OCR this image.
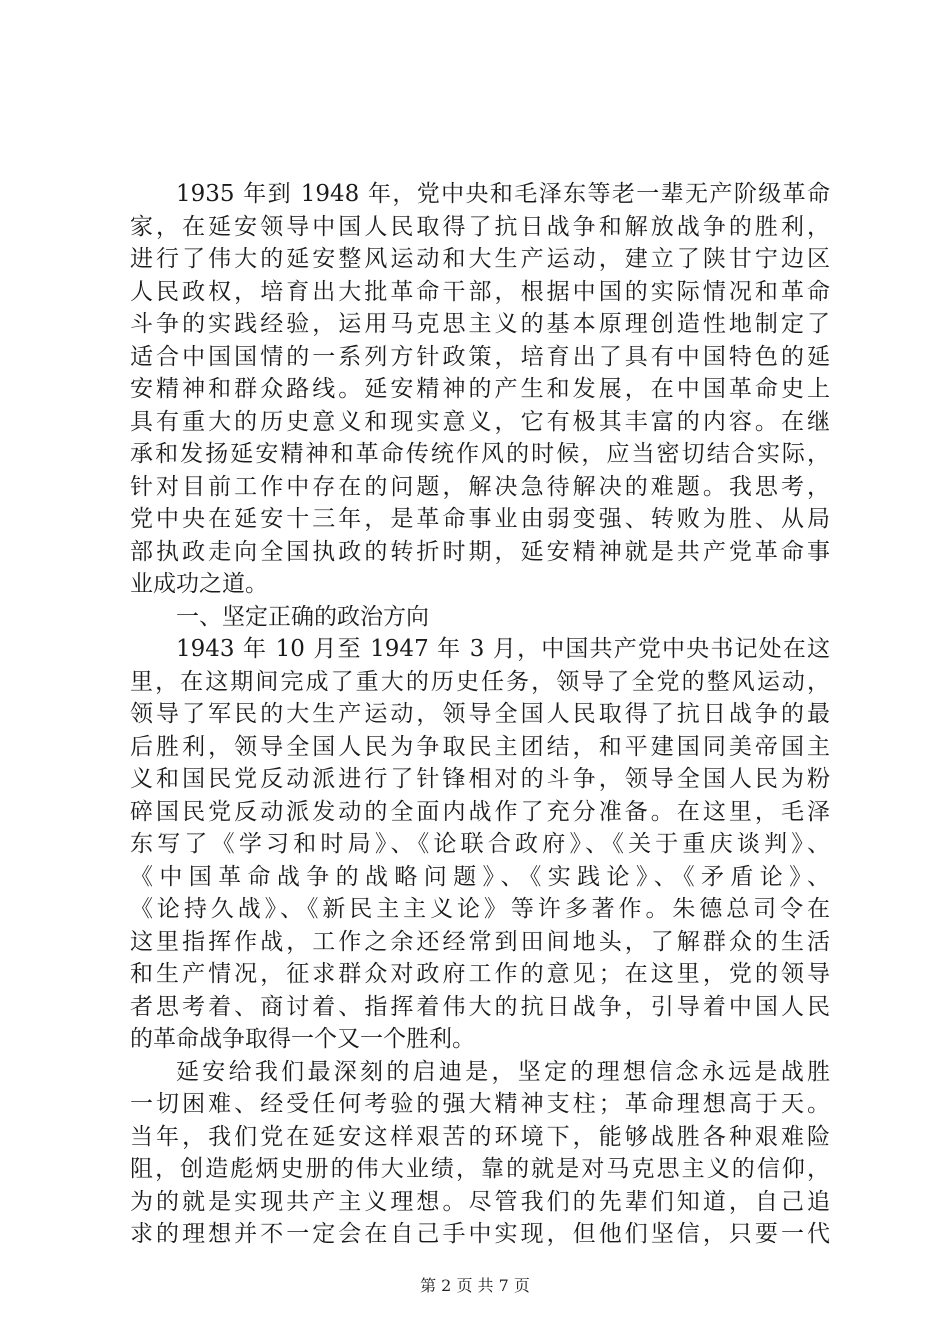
1935 年到 1948 年，党中央和毛泽东等老一辈无产阶级革命
家，在延安领导中国人民取得了抗日战争和解放战争的胜利，
进行了伟大的延安整风运动和大生产运动，建立了陕甘宁边区
人民政权，培育出大批革命干部，根据中国的实际情况和革命
斗争的实践经验，运用马克思主义的基本原理创造性地制定了
适合中国国情的一系列方针政策，培育出了具有中国特色的延
安精神和群众路线。延安精神的产生和发展，在中国革命史上
具有重大的历史意义和现实意义，它有极其丰富的内容。在继
承和发扬延安精神和革命传统作风的时候，应当密切结合实际，
针对目前工作中存在的问题，解决急待解决的难题。我思考，
党中央在延安十三年，是革命事业由弱变强、转败为胜、从局
部执政走向全国执政的转折时期，延安精神就是共产党革命事
业成功之道。
一、坚定正确的政治方向
1943 年 10 月至 1947 年 3 月，中国共产党中央书记处在这
里，在这期间完成了重大的历史任务，领导了全党的整风运动，
领导了军民的大生产运动，领导全国人民取得了抗日战争的最
后胜利，领导全国人民为争取民主团结，和平建国同美帝国主
义和国民党反动派进行了针锋相对的斗争，领导全国人民为粉
碎国民党反动派发动的全面内战作了充分准备。在这里，毛泽
东写了《学习和时局》、《论联合政府》、《关于重庆谈判》、
《中国革命战争的战略问题》、《实践论》、《矛盾论》、
《论持久战》、《新民主主义论》等许多著作。朱德总司令在
这里指挥作战，工作之余还经常到田间地头，了解群众的生活
和生产情况，征求群众对政府工作的意见；在这里，党的领导
者思考着、商讨着、指挥着伟大的抗日战争，引导着中国人民
的革命战争取得一个又一个胜利。
延安给我们最深刻的启迪是，坚定的理想信念永远是战胜
一切困难、经受任何考验的强大精神支柱；革命理想高于天。
当年，我们党在延安这样艰苦的环境下，能够战胜各种艰难险
阻，创造彪炳史册的伟大业绩，靠的就是对马克思主义的信仰，
为的就是实现共产主义理想。尽管我们的先辈们知道，自己追
求的理想并不一定会在自己手中实现，但他们坚信，只要一代
第 2 页 共 7 页
